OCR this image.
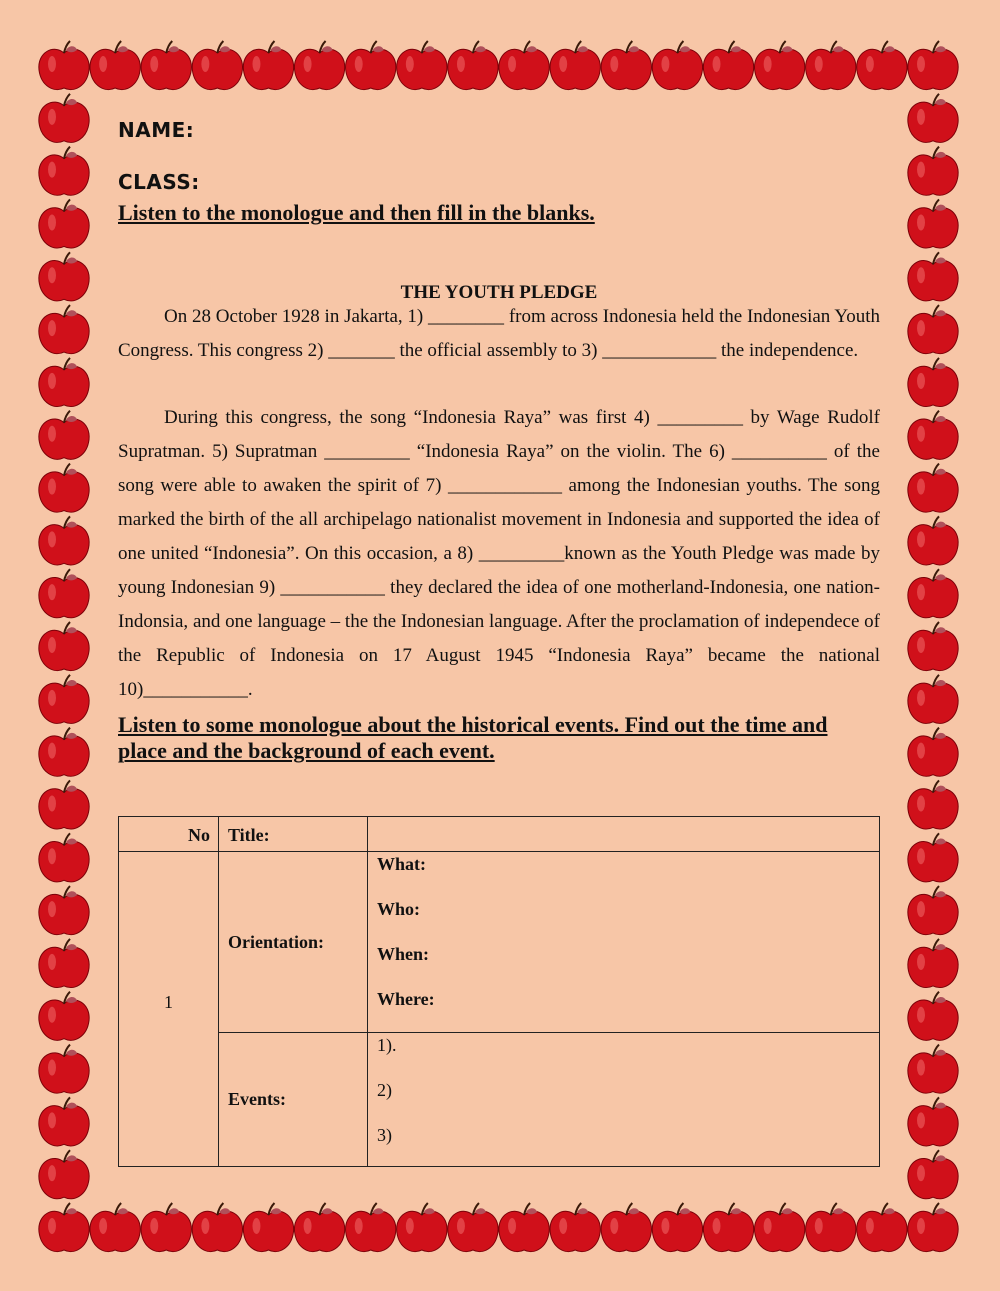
NAME:
CLASS:
Listen to the monologue and then fill in the blanks.
THE YOUTH PLEDGE
On 28 October 1928 in Jakarta, 1) ________ from across Indonesia held the Indonesian Youth Congress. This congress 2) _______ the official assembly to 3) ____________ the independence.
During this congress, the song “Indonesia Raya” was first 4) _________ by Wage Rudolf Supratman. 5) Supratman _________ “Indonesia Raya” on the violin. The 6) __________ of the song were able to awaken the spirit of 7) ____________ among the Indonesian youths. The song marked the birth of the all archipelago nationalist movement in Indonesia and supported the idea of one united “Indonesia”. On this occasion, a 8) _________known as the Youth Pledge was made by young Indonesian 9) ___________ they declared the idea of one motherland-Indonesia, one nation-Indonsia, and one language – the the Indonesian language. After the proclamation of independece of the Republic of Indonesia on 17 August 1945 “Indonesia Raya” became the national 10)___________.
Listen to some monologue about the historical events. Find out the time and place and the background of each event.
No	Title:	
1	Orientation:	What:
Who:
When:
Where:

	Events:	1).
2)
3)
